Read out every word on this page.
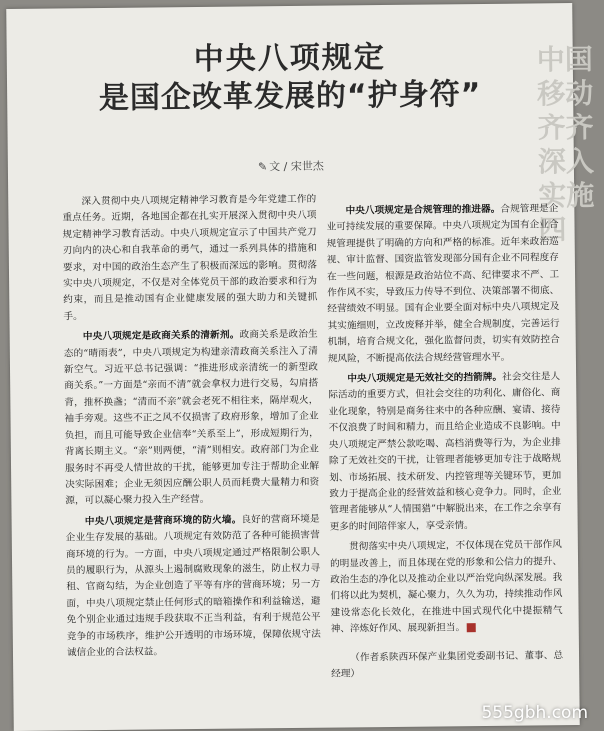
中国移动齐齐
深入实施四
中央八项规定
是国企改革发展的“护身符”
✎ 文 / 宋世杰

深入贯彻中央八项规定精神学习教育是今年党建工作的重点任务。近期，各地国企都在扎实开展深入贯彻中央八项规定精神学习教育活动。中央八项规定宣示了中国共产党刀刃向内的决心和自我革命的勇气，通过一系列具体的措施和要求，对中国的政治生态产生了积极而深远的影响。贯彻落实中央八项规定，不仅是对全体党员干部的政治要求和行为约束，而且是推动国有企业健康发展的强大助力和关键抓手。

中央八项规定是政商关系的清新剂。政商关系是政治生态的“晴雨表”，中央八项规定为构建亲清政商关系注入了清新空气。习近平总书记强调：“推进形成亲清统一的新型政商关系。”一方面是“亲而不清”就会拿权力进行交易，勾肩搭背，推杯换盏；“清而不亲”就会老死不相往来，隔岸观火，袖手旁观。这些不正之风不仅损害了政府形象，增加了企业负担，而且可能导致企业信奉“关系至上”，形成短期行为，背离长期主义。“亲”则两便，“清”则相安。政府部门为企业服务时不再受人情世故的干扰，能够更加专注于帮助企业解决实际困难；企业无须因应酬公职人员而耗费大量精力和资源，可以凝心聚力投入生产经营。

中央八项规定是营商环境的防火墙。良好的营商环境是企业生存发展的基础。八项规定有效防范了各种可能损害营商环境的行为。一方面，中央八项规定通过严格限制公职人员的履职行为，从源头上遏制腐败现象的滋生，防止权力寻租、官商勾结，为企业创造了平等有序的营商环境；另一方面，中央八项规定禁止任何形式的暗箱操作和利益输送，避免个别企业通过违规手段获取不正当利益，有利于规范公平竞争的市场秩序，维护公开透明的市场环境，保障依规守法诚信企业的合法权益。

中央八项规定是合规管理的推进器。合规管理是企业可持续发展的重要保障。中央八项规定为国有企业合规管理提供了明确的方向和严格的标准。近年来政治巡视、审计监督、国资监管发现部分国有企业不同程度存在一些问题，根源是政治站位不高、纪律要求不严、工作作风不实，导致压力传导不到位、决策部署不彻底、经营绩效不明显。国有企业要全面对标中央八项规定及其实施细则，立改废释并举，健全合规制度，完善运行机制，培育合规文化，强化监督问责，切实有效防控合规风险，不断提高依法合规经营管理水平。

中央八项规定是无效社交的挡箭牌。社会交往是人际活动的重要方式，但社会交往的功利化、庸俗化、商业化现象，特别是商务往来中的各种应酬、宴请、接待不仅浪费了时间和精力，而且给企业造成不良影响。中央八项规定严禁公款吃喝、高档消费等行为，为企业排除了无效社交的干扰，让管理者能够更加专注于战略规划、市场拓展、技术研发、内控管理等关键环节，更加致力于提高企业的经营效益和核心竞争力。同时，企业管理者能够从“人情围猎”中解脱出来，在工作之余享有更多的时间陪伴家人，享受亲情。

贯彻落实中央八项规定，不仅体现在党员干部作风的明显改善上，而且体现在党的形象和公信力的提升、政治生态的净化以及推动企业以严治党向纵深发展。我们将以此为契机，凝心聚力，久久为功，持续推动作风建设常态化长效化，在推进中国式现代化中提振精气神、淬炼好作风、展现新担当。

（作者系陕西环保产业集团党委副书记、董事、总经理）

555gbh.com
